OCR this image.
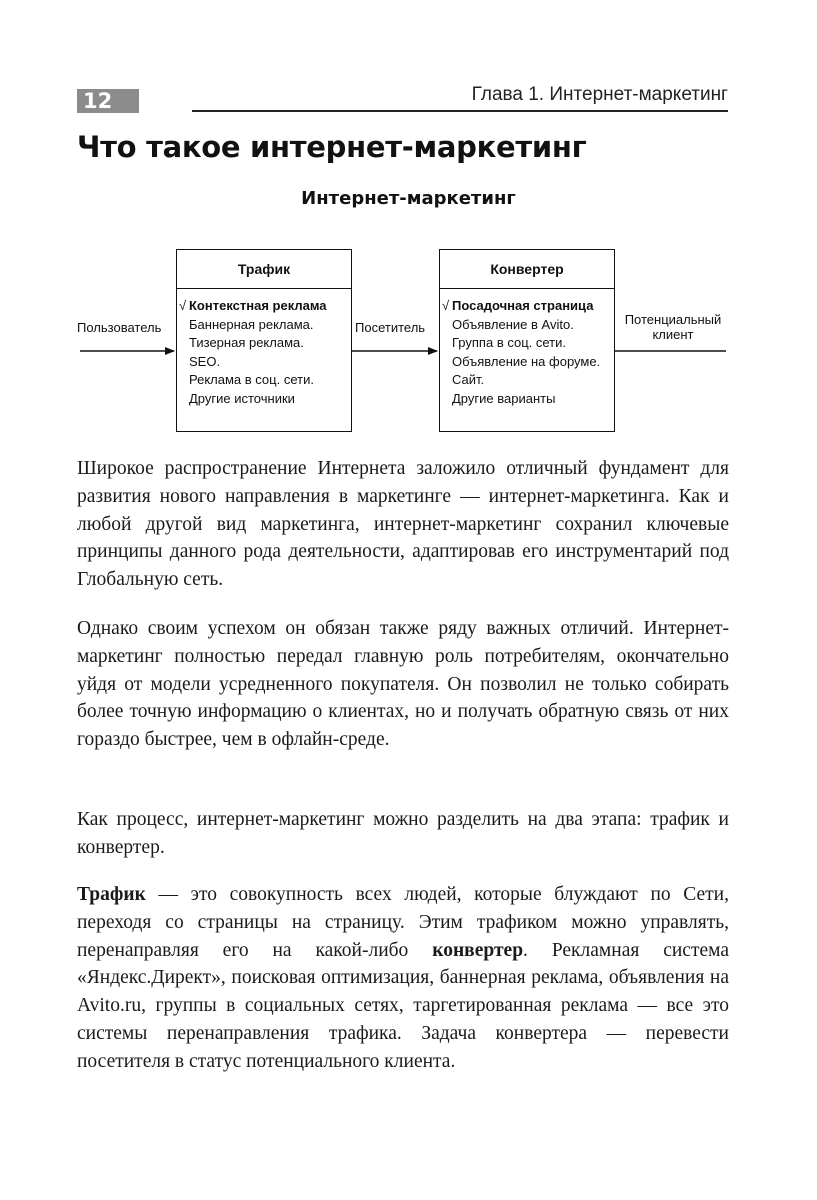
12	Глава 1. Интернет-маркетинг
Что такое интернет-маркетинг
Интернет-маркетинг
Трафик
√ Контекстная реклама
Баннерная реклама.
Тизерная реклама.
SEO.
Реклама в соц. сети.
Другие источники
Конвертер
√ Посадочная страница
Объявление в Avito.
Группа в соц. сети.
Объявление на форуме.
Сайт.
Другие варианты
Пользователь	Посетитель
Потенциальный
клиент

Широкое распространение Интернета заложило отличный фундамент для развития нового направления в маркетинге — интернет-маркетинга. Как и любой другой вид маркетинга, интернет-маркетинг сохранил ключевые принципы данного рода деятельности, адаптировав его инструментарий под Глобальную сеть.

Однако своим успехом он обязан также ряду важных отличий. Интернет-маркетинг полностью передал главную роль потребителям, окончательно уйдя от модели усредненного покупателя. Он позволил не только собирать более точную информацию о клиентах, но и получать обратную связь от них гораздо быстрее, чем в офлайн-среде.

Как процесс, интернет-маркетинг можно разделить на два этапа: трафик и конвертер.

Трафик — это совокупность всех людей, которые блуждают по Сети, переходя со страницы на страницу. Этим трафиком можно управлять, перенаправляя его на какой-либо конвертер. Рекламная система «Яндекс.Директ», поисковая оптимизация, баннерная реклама, объявления на Avito.ru, группы в социальных сетях, таргетированная реклама — все это системы перенаправления трафика. Задача конвертера — перевести посетителя в статус потенциального клиента.
